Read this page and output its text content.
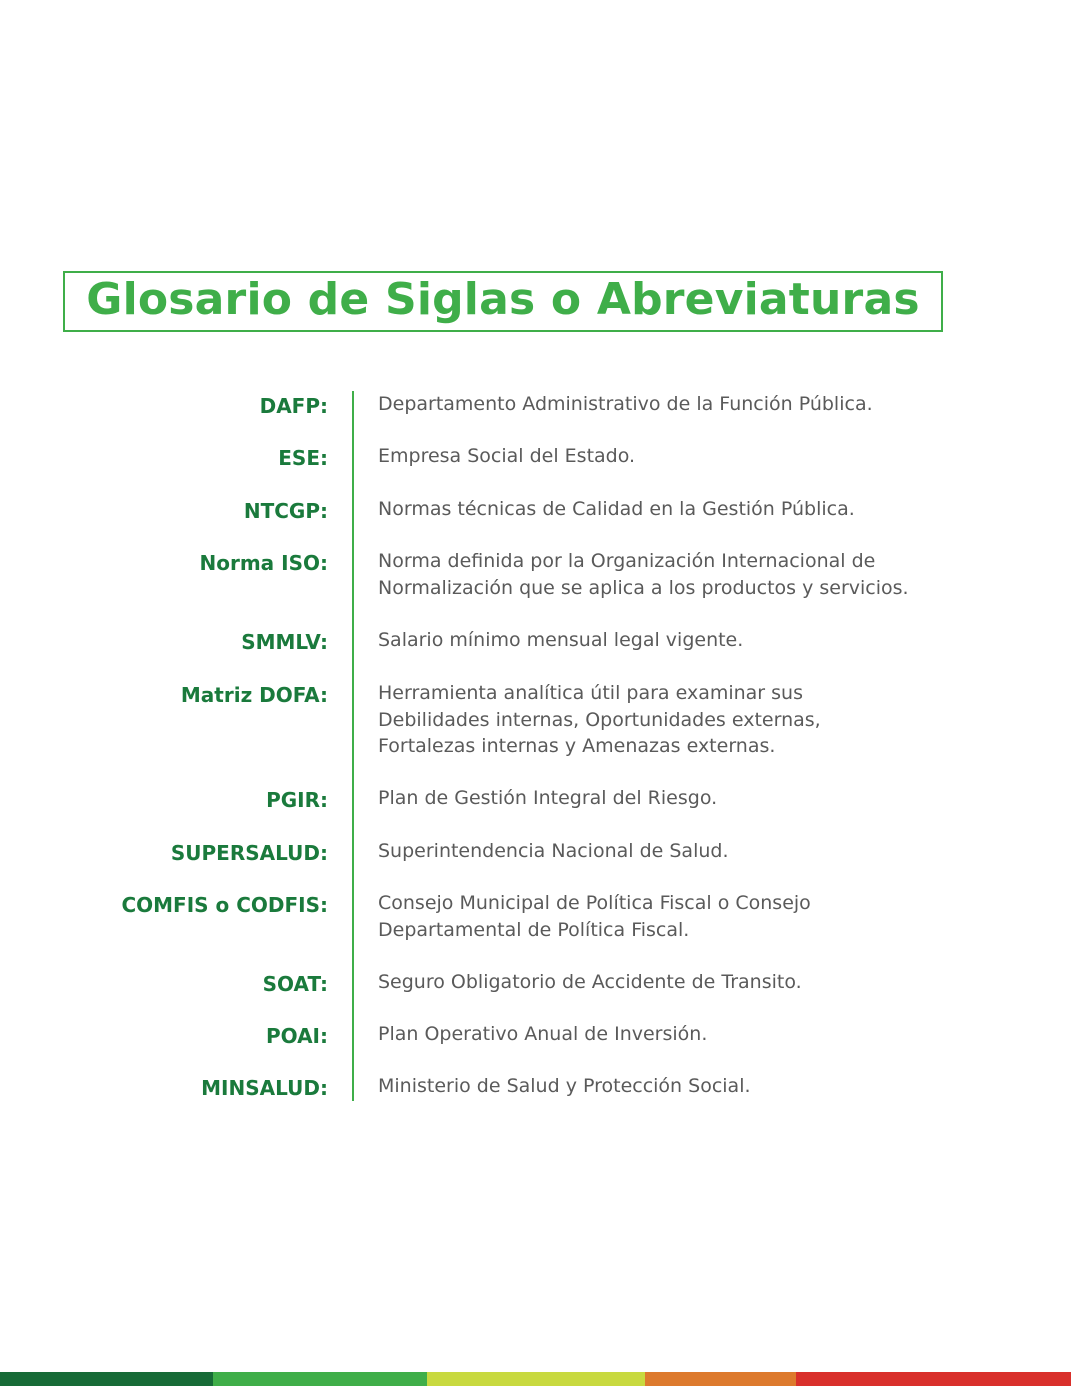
Glosario de Siglas o Abreviaturas
DAFP:	Departamento Administrativo de la Función Pública.
ESE:	Empresa Social del Estado.
NTCGP:	Normas técnicas de Calidad en la Gestión Pública.
Norma ISO:	Norma definida por la Organización Internacional de
Normalización que se aplica a los productos y servicios.
SMMLV:	Salario mínimo mensual legal vigente.
Matriz DOFA:	Herramienta analítica útil para examinar sus
Debilidades internas, Oportunidades externas,
Fortalezas internas y Amenazas externas.
PGIR:	Plan de Gestión Integral del Riesgo.
SUPERSALUD:	Superintendencia Nacional de Salud.
COMFIS o CODFIS:	Consejo Municipal de Política Fiscal o Consejo
Departamental de Política Fiscal.
SOAT:	Seguro Obligatorio de Accidente de Transito.
POAI:	Plan Operativo Anual de Inversión.
MINSALUD:	Ministerio de Salud y Protección Social.
